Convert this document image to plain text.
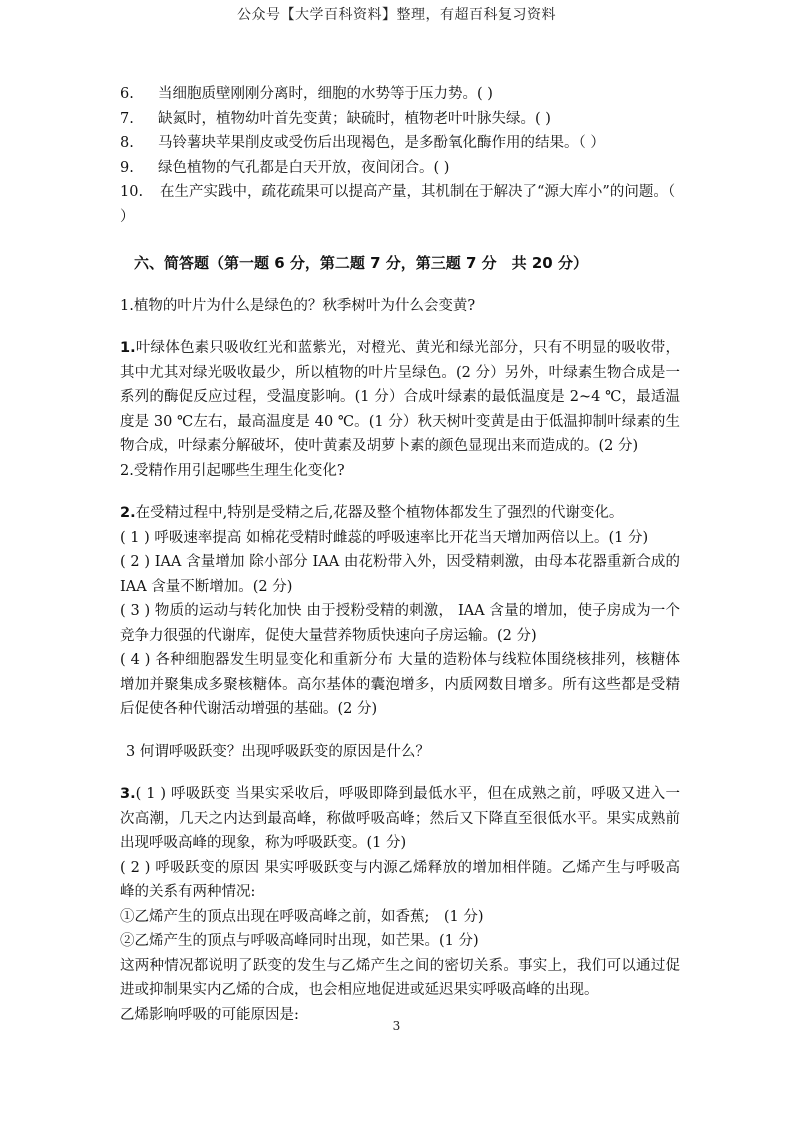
公众号【大学百科资料】整理，有超百科复习资料

6. 当细胞质壁刚刚分离时，细胞的水势等于压力势。( )

7. 缺氮时，植物幼叶首先变黄；缺硫时，植物老叶叶脉失绿。( )

8. 马铃薯块苹果削皮或受伤后出现褐色，是多酚氧化酶作用的结果。（ ）

9. 绿色植物的气孔都是白天开放，夜间闭合。( )

10. 在生产实践中，疏花疏果可以提高产量，其机制在于解决了“源大库小”的问题。（ ）

六、简答题（第一题 6 分，第二题 7 分，第三题 7 分　共 20 分）

1.植物的叶片为什么是绿色的？秋季树叶为什么会变黄?

1.叶绿体色素只吸收红光和蓝紫光，对橙光、黄光和绿光部分，只有不明显的吸收带，其中尤其对绿光吸收最少，所以植物的叶片呈绿色。(2 分）另外，叶绿素生物合成是一系列的酶促反应过程，受温度影响。(1 分）合成叶绿素的最低温度是 2~4 ℃，最适温度是 30 ℃左右，最高温度是 40 ℃。(1 分）秋天树叶变黄是由于低温抑制叶绿素的生物合成，叶绿素分解破坏，使叶黄素及胡萝卜素的颜色显现出来而造成的。(2 分)

2.受精作用引起哪些生理生化变化?

2.在受精过程中,特别是受精之后,花器及整个植物体都发生了强烈的代谢变化。

( 1 ) 呼吸速率提高 如棉花受精时雌蕊的呼吸速率比开花当天增加两倍以上。(1 分)

( 2 ) IAA 含量增加 除小部分 IAA 由花粉带入外，因受精刺激，由母本花器重新合成的 IAA 含量不断增加。(2 分)

( 3 ) 物质的运动与转化加快 由于授粉受精的刺激， IAA 含量的增加，使子房成为一个竞争力很强的代谢库，促使大量营养物质快速向子房运输。(2 分)

( 4 ) 各种细胞器发生明显变化和重新分布 大量的造粉体与线粒体围绕核排列，核糖体增加并聚集成多聚核糖体。高尔基体的囊泡增多，内质网数目增多。所有这些都是受精后促使各种代谢活动增强的基础。(2 分)

3 何谓呼吸跃变？出现呼吸跃变的原因是什么？

3.( 1 ) 呼吸跃变 当果实采收后，呼吸即降到最低水平，但在成熟之前，呼吸又进入一次高潮，几天之内达到最高峰，称做呼吸高峰；然后又下降直至很低水平。果实成熟前出现呼吸高峰的现象，称为呼吸跃变。(1 分)

( 2 ) 呼吸跃变的原因 果实呼吸跃变与内源乙烯释放的增加相伴随。乙烯产生与呼吸高峰的关系有两种情况:

①乙烯产生的顶点出现在呼吸高峰之前，如香蕉;　(1 分)

②乙烯产生的顶点与呼吸高峰同时出现，如芒果。(1 分)

这两种情况都说明了跃变的发生与乙烯产生之间的密切关系。事实上，我们可以通过促进或抑制果实内乙烯的合成，也会相应地促进或延迟果实呼吸高峰的出现。

乙烯影响呼吸的可能原因是:

3
